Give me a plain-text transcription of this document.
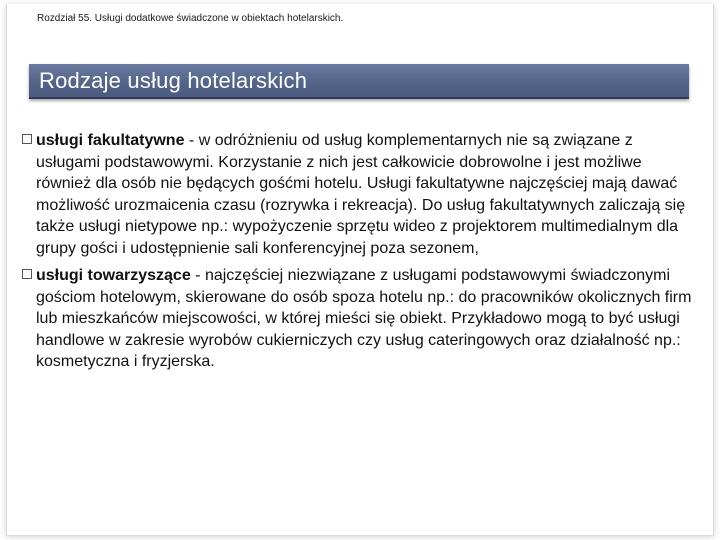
Rozdział 55. Usługi dodatkowe świadczone w obiektach hotelarskich.
Rodzaje usług hotelarskich
usługi fakultatywne - w odróżnieniu od usług komplementarnych nie są związane z usługami podstawowymi. Korzystanie z nich jest całkowicie dobrowolne i jest możliwe również dla osób nie będących gośćmi hotelu. Usługi fakultatywne najczęściej mają dawać możliwość urozmaicenia czasu (rozrywka i rekreacja). Do usług fakultatywnych zaliczają się także usługi nietypowe np.: wypożyczenie sprzętu wideo z projektorem multimedialnym dla grupy gości i udostępnienie sali konferencyjnej poza sezonem,
usługi towarzyszące - najczęściej niezwiązane z usługami podstawowymi świadczonymi gościom hotelowym, skierowane do osób spoza hotelu np.: do pracowników okolicznych firm lub mieszkańców miejscowości, w której mieści się obiekt. Przykładowo mogą to być usługi handlowe w zakresie wyrobów cukierniczych czy usług cateringowych oraz działalność np.: kosmetyczna i fryzjerska.
